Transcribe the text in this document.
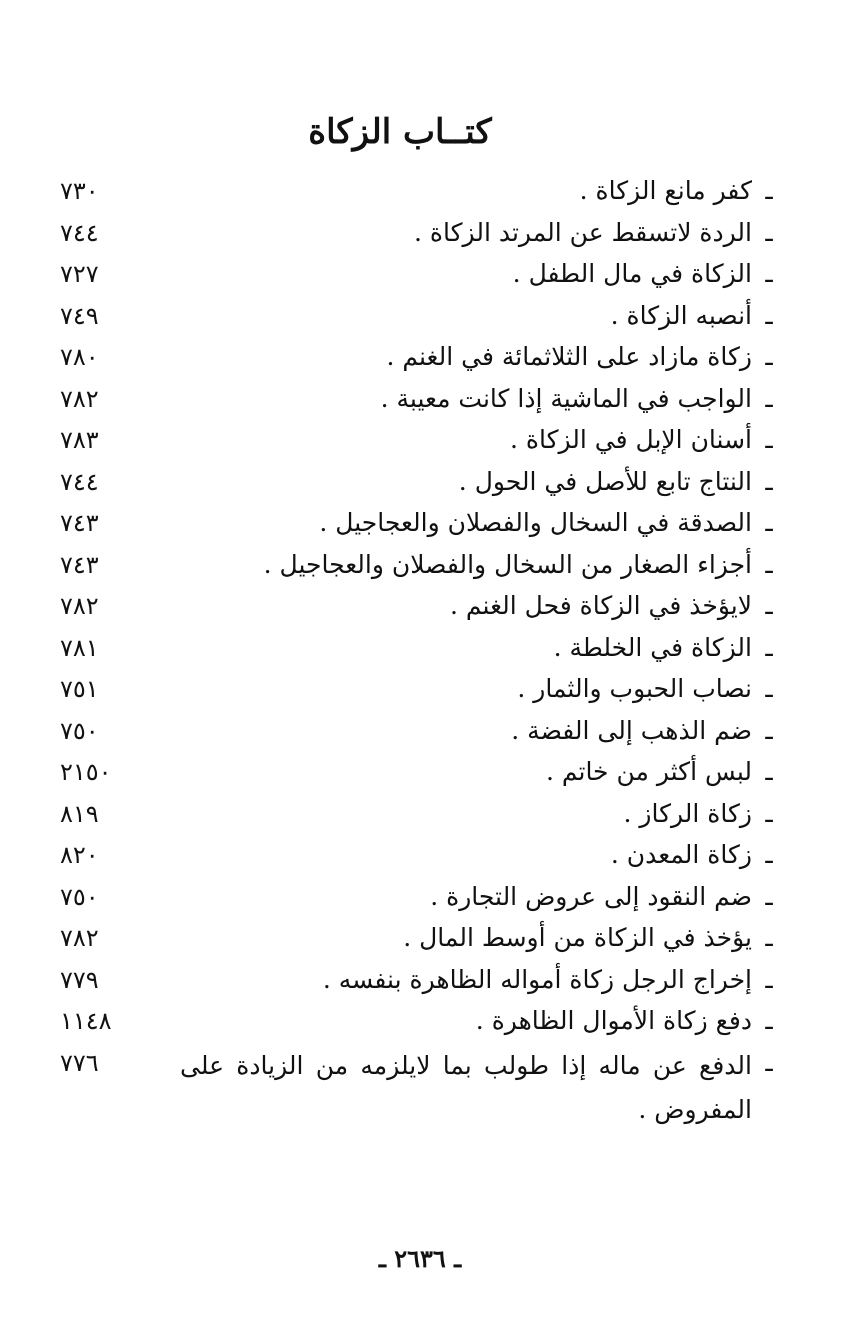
كتــاب الزكاة
ـ
كفر مانع الزكاة .
٧٣٠
ـ
الردة لاتسقط عن المرتد الزكاة .
٧٤٤
ـ
الزكاة في مال الطفل .
٧٢٧
ـ
أنصبه الزكاة .
٧٤٩
ـ
زكاة مازاد على الثلاثمائة في الغنم .
٧٨٠
ـ
الواجب في الماشية إذا كانت معيبة .
٧٨٢
ـ
أسنان الإبل في الزكاة .
٧٨٣
ـ
النتاج تابع للأصل في الحول .
٧٤٤
ـ
الصدقة في السخال والفصلان والعجاجيل .
٧٤٣
ـ
أجزاء الصغار من السخال والفصلان والعجاجيل .
٧٤٣
ـ
لايؤخذ في الزكاة فحل الغنم .
٧٨٢
ـ
الزكاة في الخلطة .
٧٨١
ـ
نصاب الحبوب والثمار .
٧٥١
ـ
ضم الذهب إلى الفضة .
٧٥٠
ـ
لبس أكثر من خاتم .
٢١٥٠
ـ
زكاة الركاز .
٨١٩
ـ
زكاة المعدن .
٨٢٠
ـ
ضم النقود إلى عروض التجارة .
٧٥٠
ـ
يؤخذ في الزكاة من أوسط المال .
٧٨٢
ـ
إخراج الرجل زكاة أمواله الظاهرة بنفسه .
٧٧٩
ـ
دفع زكاة الأموال الظاهرة .
١١٤٨
ـ
الدفع عن ماله إذا طولب بما لايلزمه من الزيادة على المفروض .
٧٧٦
ـ ٢٦٣٦ ـ
